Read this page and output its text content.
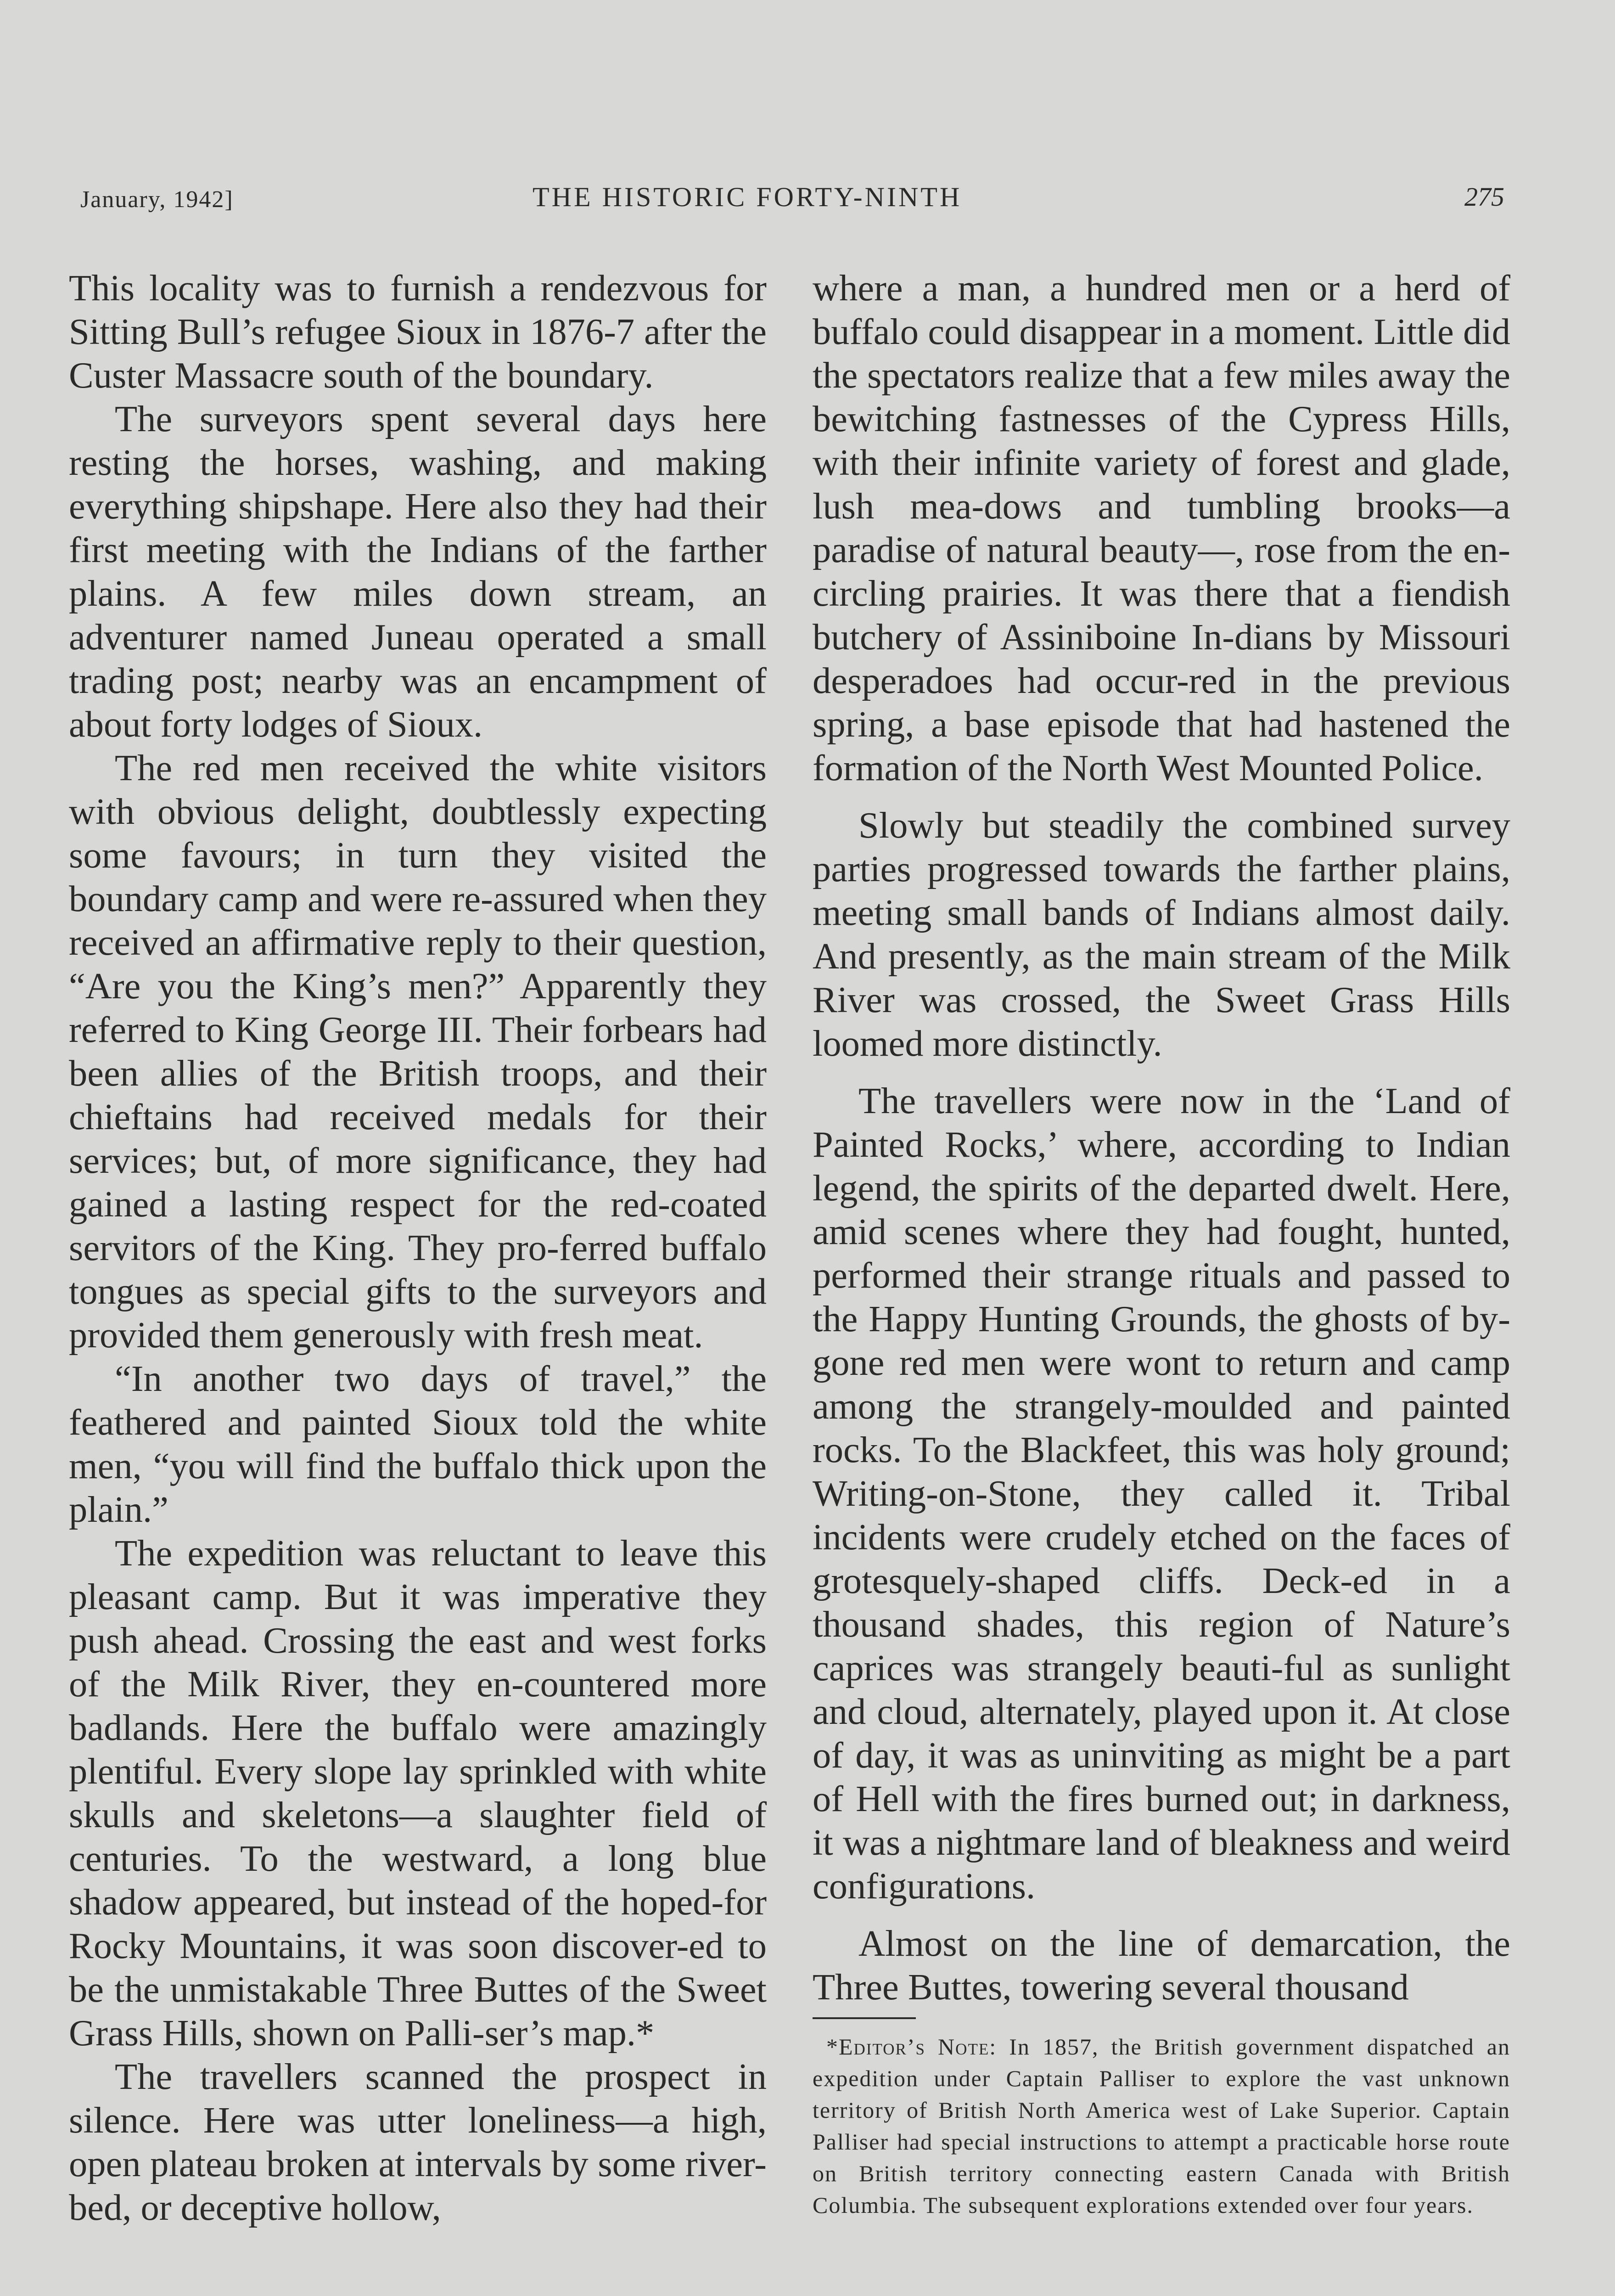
January, 1942]	THE HISTORIC FORTY-NINTH	275

This locality was to furnish a rendezvous for Sitting Bull’s refugee Sioux in 1876-7 after the Custer Massacre south of the boundary.

The surveyors spent several days here resting the horses, washing, and making everything shipshape. Here also they had their first meeting with the Indians of the farther plains. A few miles down stream, an adventurer named Juneau operated a small trading post; nearby was an encampment of about forty lodges of Sioux.

The red men received the white visitors with obvious delight, doubtlessly expecting some favours; in turn they visited the boundary camp and were re-assured when they received an affirmative reply to their question, “Are you the King’s men?” Apparently they referred to King George III. Their forbears had been allies of the British troops, and their chieftains had received medals for their services; but, of more significance, they had gained a lasting respect for the red-coated servitors of the King. They pro-ferred buffalo tongues as special gifts to the surveyors and provided them generously with fresh meat.

“In another two days of travel,” the feathered and painted Sioux told the white men, “you will find the buffalo thick upon the plain.”

The expedition was reluctant to leave this pleasant camp. But it was imperative they push ahead. Crossing the east and west forks of the Milk River, they en-countered more badlands. Here the buffalo were amazingly plentiful. Every slope lay sprinkled with white skulls and skeletons—a slaughter field of centuries. To the westward, a long blue shadow appeared, but instead of the hoped-for Rocky Mountains, it was soon discover-ed to be the unmistakable Three Buttes of the Sweet Grass Hills, shown on Palli-ser’s map.*

The travellers scanned the prospect in silence. Here was utter loneliness—a high, open plateau broken at intervals by some river-bed, or deceptive hollow,

where a man, a hundred men or a herd of buffalo could disappear in a moment. Little did the spectators realize that a few miles away the bewitching fastnesses of the Cypress Hills, with their infinite variety of forest and glade, lush mea-dows and tumbling brooks—a paradise of natural beauty—, rose from the en-circling prairies. It was there that a fiendish butchery of Assiniboine In-dians by Missouri desperadoes had occur-red in the previous spring, a base episode that had hastened the formation of the North West Mounted Police.

Slowly but steadily the combined survey parties progressed towards the farther plains, meeting small bands of Indians almost daily. And presently, as the main stream of the Milk River was crossed, the Sweet Grass Hills loomed more distinctly.

The travellers were now in the ‘Land of Painted Rocks,’ where, according to Indian legend, the spirits of the departed dwelt. Here, amid scenes where they had fought, hunted, performed their strange rituals and passed to the Happy Hunting Grounds, the ghosts of by-gone red men were wont to return and camp among the strangely-moulded and painted rocks. To the Blackfeet, this was holy ground; Writing-on-Stone, they called it. Tribal incidents were crudely etched on the faces of grotesquely-shaped cliffs. Deck-ed in a thousand shades, this region of Nature’s caprices was strangely beauti-ful as sunlight and cloud, alternately, played upon it. At close of day, it was as uninviting as might be a part of Hell with the fires burned out; in darkness, it was a nightmare land of bleakness and weird configurations.

Almost on the line of demarcation, the Three Buttes, towering several thousand

*Editor’s Note: In 1857, the British government dispatched an expedition under Captain Palliser to explore the vast unknown territory of British North America west of Lake Superior. Captain Palliser had special instructions to attempt a practicable horse route on British territory connecting eastern Canada with British Columbia. The subsequent explorations extended over four years.
